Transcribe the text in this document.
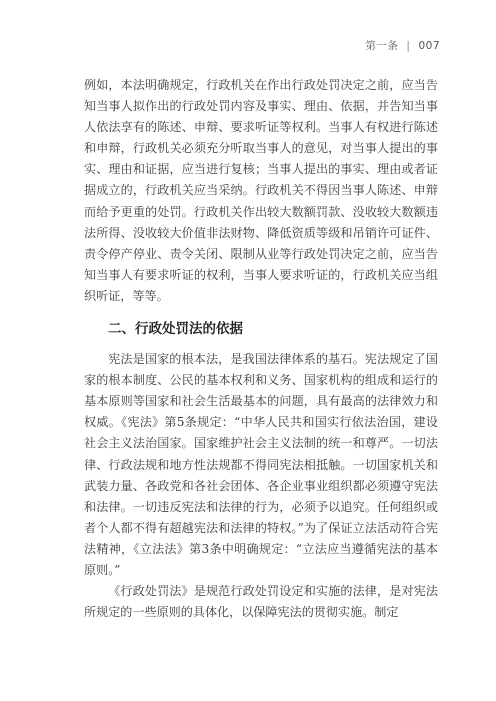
第一条 | 007

例如，本法明确规定，行政机关在作出行政处罚决定之前，应当告知当事人拟作出的行政处罚内容及事实、理由、依据，并告知当事人依法享有的陈述、申辩、要求听证等权利。当事人有权进行陈述和申辩，行政机关必须充分听取当事人的意见，对当事人提出的事实、理由和证据，应当进行复核；当事人提出的事实、理由或者证据成立的，行政机关应当采纳。行政机关不得因当事人陈述、申辩而给予更重的处罚。行政机关作出较大数额罚款、没收较大数额违法所得、没收较大价值非法财物、降低资质等级和吊销许可证件、责令停产停业、责令关闭、限制从业等行政处罚决定之前，应当告知当事人有要求听证的权利，当事人要求听证的，行政机关应当组织听证，等等。

二、行政处罚法的依据

宪法是国家的根本法，是我国法律体系的基石。宪法规定了国家的根本制度、公民的基本权利和义务、国家机构的组成和运行的基本原则等国家和社会生活最基本的问题，具有最高的法律效力和权威。《宪法》第5条规定：“中华人民共和国实行依法治国，建设社会主义法治国家。国家维护社会主义法制的统一和尊严。一切法律、行政法规和地方性法规都不得同宪法相抵触。一切国家机关和武装力量、各政党和各社会团体、各企业事业组织都必须遵守宪法和法律。一切违反宪法和法律的行为，必须予以追究。任何组织或者个人都不得有超越宪法和法律的特权。”为了保证立法活动符合宪法精神，《立法法》第3条中明确规定：“立法应当遵循宪法的基本原则。”

《行政处罚法》是规范行政处罚设定和实施的法律，是对宪法所规定的一些原则的具体化，以保障宪法的贯彻实施。制定
